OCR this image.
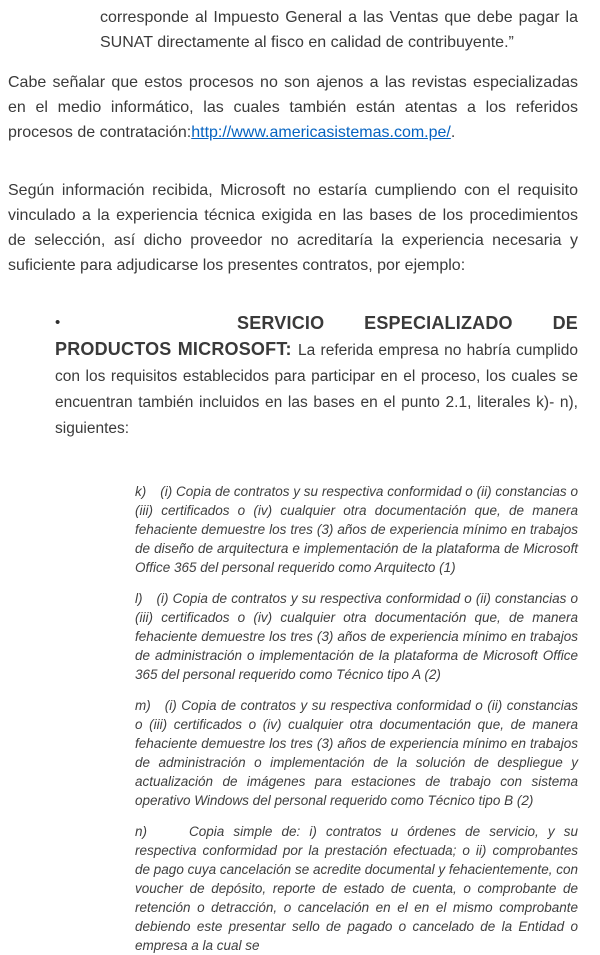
corresponde al Impuesto General a las Ventas que debe pagar la SUNAT directamente al fisco en calidad de contribuyente.”

Cabe señalar que estos procesos no son ajenos a las revistas especializadas en el medio informático, las cuales también están atentas a los referidos procesos de contratación:http://www.americasistemas.com.pe/.

Según información recibida, Microsoft no estaría cumpliendo con el requisito vinculado a la experiencia técnica exigida en las bases de los procedimientos de selección, así dicho proveedor no acreditaría la experiencia necesaria y suficiente para adjudicarse los presentes contratos, por ejemplo:

•	SERVICIO ESPECIALIZADO DE

PRODUCTOS MICROSOFT: La referida empresa no habría cumplido con los requisitos establecidos para participar en el proceso, los cuales se encuentran también incluidos en las bases en el punto 2.1, literales k)- n), siguientes:

k) (i) Copia de contratos y su respectiva conformidad o (ii) constancias o (iii) certificados o (iv) cualquier otra documentación que, de manera fehaciente demuestre los tres (3) años de experiencia mínimo en trabajos de diseño de arquitectura e implementación de la plataforma de Microsoft Office 365 del personal requerido como Arquitecto (1)

l) (i) Copia de contratos y su respectiva conformidad o (ii) constancias o (iii) certificados o (iv) cualquier otra documentación que, de manera fehaciente demuestre los tres (3) años de experiencia mínimo en trabajos de administración o implementación de la plataforma de Microsoft Office 365 del personal requerido como Técnico tipo A (2)

m) (i) Copia de contratos y su respectiva conformidad o (ii) constancias o (iii) certificados o (iv) cualquier otra documentación que, de manera fehaciente demuestre los tres (3) años de experiencia mínimo en trabajos de administración o implementación de la solución de despliegue y actualización de imágenes para estaciones de trabajo con sistema operativo Windows del personal requerido como Técnico tipo B (2)

n)	Copia simple de: i) contratos u órdenes de servicio, y su respectiva conformidad por la prestación efectuada; o ii) comprobantes de pago cuya cancelación se acredite documental y fehacientemente, con voucher de depósito, reporte de estado de cuenta, o comprobante de retención o detracción, o cancelación en el en el mismo comprobante debiendo este presentar sello de pagado o cancelado de la Entidad o empresa a la cual se
